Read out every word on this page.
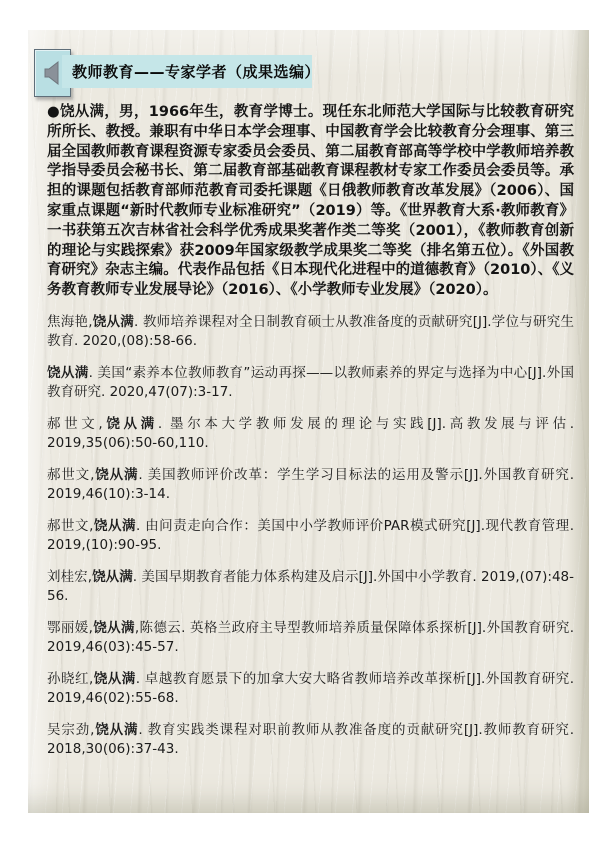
教师教育——专家学者（成果选编）

●饶从满，男，1966年生，教育学博士。现任东北师范大学国际与比较教育研究所所长、教授。兼职有中华日本学会理事、中国教育学会比较教育分会理事、第三届全国教师教育课程资源专家委员会委员、第二届教育部高等学校中学教师培养教学指导委员会秘书长、第二届教育部基础教育课程教材专家工作委员会委员等。承担的课题包括教育部师范教育司委托课题《日俄教师教育改革发展》（2006）、国家重点课题“新时代教师专业标准研究”（2019）等。《世界教育大系·教师教育》一书获第五次吉林省社会科学优秀成果奖著作类二等奖（2001），《教师教育创新的理论与实践探索》获2009年国家级教学成果奖二等奖（排名第五位）。《外国教育研究》杂志主编。代表作品包括《日本现代化进程中的道德教育》（2010）、《义务教育教师专业发展导论》（2016）、《小学教师专业发展》（2020）。

焦海艳,饶从满. 教师培养课程对全日制教育硕士从教准备度的贡献研究[J].学位与研究生教育. 2020,(08):58-66.

饶从满. 美国“素养本位教师教育”运动再探——以教师素养的界定与选择为中心[J].外国教育研究. 2020,47(07):3-17.

郝世文,饶从满. 墨尔本大学教师发展的理论与实践[J].高教发展与评估. 2019,35(06):50-60,110.

郝世文,饶从满. 美国教师评价改革：学生学习目标法的运用及警示[J].外国教育研究. 2019,46(10):3-14.

郝世文,饶从满. 由问责走向合作：美国中小学教师评价PAR模式研究[J].现代教育管理. 2019,(10):90-95.

刘桂宏,饶从满. 美国早期教育者能力体系构建及启示[J].外国中小学教育. 2019,(07):48-56.

鄂丽媛,饶从满,陈德云. 英格兰政府主导型教师培养质量保障体系探析[J].外国教育研究. 2019,46(03):45-57.

孙晓红,饶从满. 卓越教育愿景下的加拿大安大略省教师培养改革探析[J].外国教育研究. 2019,46(02):55-68.

吴宗劲,饶从满. 教育实践类课程对职前教师从教准备度的贡献研究[J].教师教育研究. 2018,30(06):37-43.
